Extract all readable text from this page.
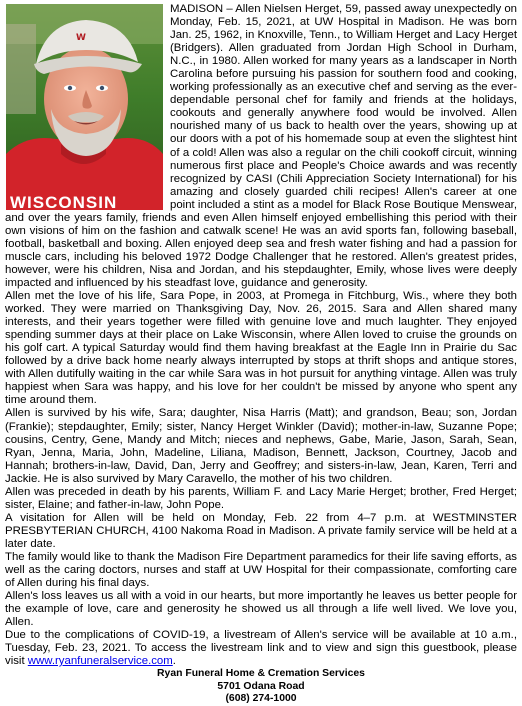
W
WISCONSIN

MADISON – Allen Nielsen Herget, 59, passed away unexpectedly on Monday, Feb. 15, 2021, at UW Hospital in Madison. He was born Jan. 25, 1962, in Knoxville, Tenn., to William Herget and Lacy Herget (Bridgers). Allen graduated from Jordan High School in Durham, N.C., in 1980. Allen worked for many years as a landscaper in North Carolina before pursuing his passion for southern food and cooking, working professionally as an executive chef and serving as the ever-dependable personal chef for family and friends at the holidays, cookouts and generally anywhere food would be involved. Allen nourished many of us back to health over the years, showing up at our doors with a pot of his homemade soup at even the slightest hint of a cold! Allen was also a regular on the chili cookoff circuit, winning numerous first place and People's Choice awards and was recently recognized by CASI (Chili Appreciation Society International) for his amazing and closely guarded chili recipes! Allen's career at one point included a stint as a model for Black Rose Boutique Menswear, and over the years family, friends and even Allen himself enjoyed embellishing this period with their own visions of him on the fashion and catwalk scene! He was an avid sports fan, following baseball, football, basketball and boxing. Allen enjoyed deep sea and fresh water fishing and had a passion for muscle cars, including his beloved 1972 Dodge Challenger that he restored. Allen's greatest prides, however, were his children, Nisa and Jordan, and his stepdaughter, Emily, whose lives were deeply impacted and influenced by his steadfast love, guidance and generosity.

Allen met the love of his life, Sara Pope, in 2003, at Promega in Fitchburg, Wis., where they both worked. They were married on Thanksgiving Day, Nov. 26, 2015. Sara and Allen shared many interests, and their years together were filled with genuine love and much laughter. They enjoyed spending summer days at their place on Lake Wisconsin, where Allen loved to cruise the grounds on his golf cart. A typical Saturday would find them having breakfast at the Eagle Inn in Prairie du Sac followed by a drive back home nearly always interrupted by stops at thrift shops and antique stores, with Allen dutifully waiting in the car while Sara was in hot pursuit for anything vintage. Allen was truly happiest when Sara was happy, and his love for her couldn't be missed by anyone who spent any time around them.

Allen is survived by his wife, Sara; daughter, Nisa Harris (Matt); and grandson, Beau; son, Jordan (Frankie); stepdaughter, Emily; sister, Nancy Herget Winkler (David); mother-in-law, Suzanne Pope; cousins, Centry, Gene, Mandy and Mitch; nieces and nephews, Gabe, Marie, Jason, Sarah, Sean, Ryan, Jenna, Maria, John, Madeline, Liliana, Madison, Bennett, Jackson, Courtney, Jacob and Hannah; brothers-in-law, David, Dan, Jerry and Geoffrey; and sisters-in-law, Jean, Karen, Terri and Jackie. He is also survived by Mary Caravello, the mother of his two children.

Allen was preceded in death by his parents, William F. and Lacy Marie Herget; brother, Fred Herget; sister, Elaine; and father-in-law, John Pope.

A visitation for Allen will be held on Monday, Feb. 22 from 4–7 p.m. at WESTMINSTER PRESBYTERIAN CHURCH, 4100 Nakoma Road in Madison. A private family service will be held at a later date.

The family would like to thank the Madison Fire Department paramedics for their life saving efforts, as well as the caring doctors, nurses and staff at UW Hospital for their compassionate, comforting care of Allen during his final days.

Allen's loss leaves us all with a void in our hearts, but more importantly he leaves us better people for the example of love, care and generosity he showed us all through a life well lived. We love you, Allen.

Due to the complications of COVID-19, a livestream of Allen's service will be available at 10 a.m., Tuesday, Feb. 23, 2021. To access the livestream link and to view and sign this guestbook, please visit www.ryanfuneralservice.com.

Ryan Funeral Home & Cremation Services
5701 Odana Road
(608) 274-1000
